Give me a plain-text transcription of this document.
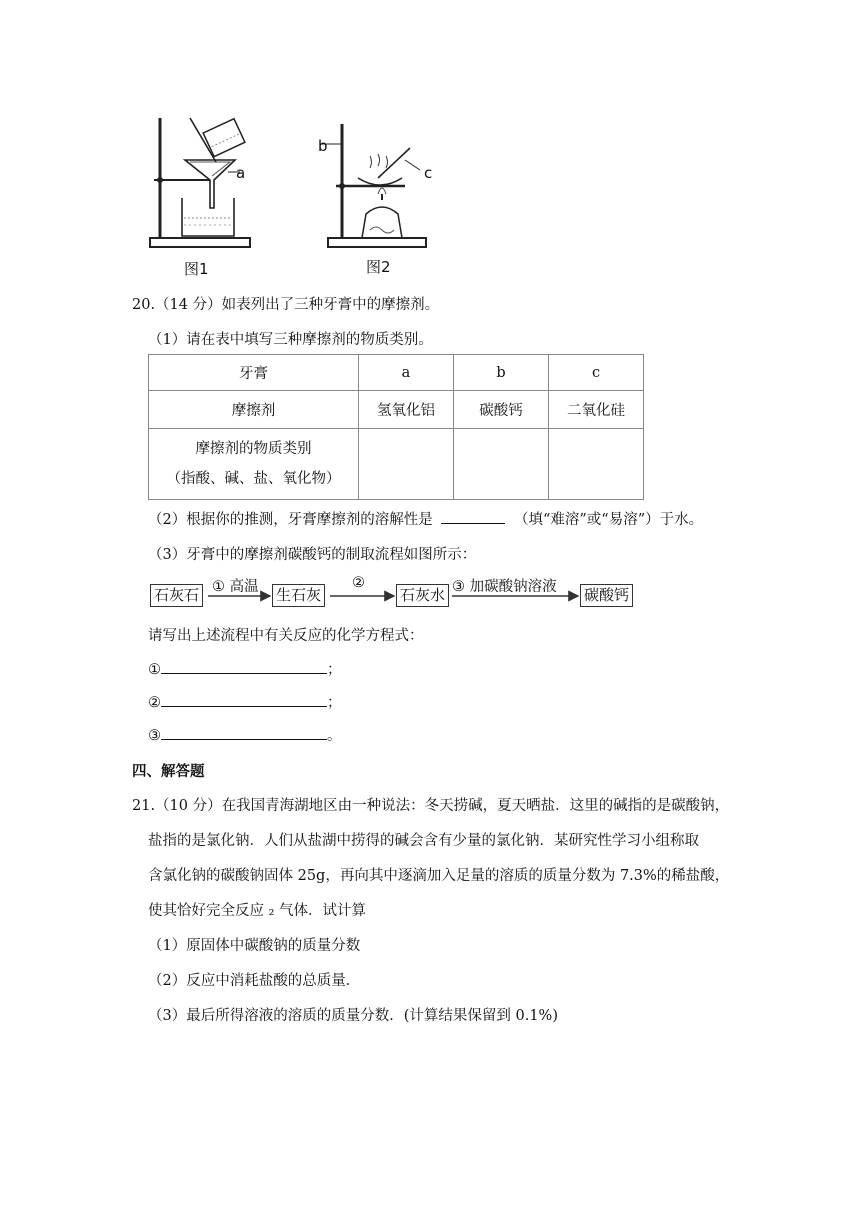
a
图1
b
c
图2
20.（14 分）如表列出了三种牙膏中的摩擦剂。
（1）请在表中填写三种摩擦剂的物质类别。
牙膏	a	b	c
摩擦剂	氢氧化铝	碳酸钙	二氧化硅

摩擦剂的物质类别
（指酸、碱、盐、氧化物）			

（2）根据你的推测，牙膏摩擦剂的溶解性是	（填“难溶”或“易溶”）于水。
（3）牙膏中的摩擦剂碳酸钙的制取流程如图所示：
石灰石	生石灰	石灰水	碳酸钙
① 高温	②	③ 加碳酸钠溶液
请写出上述流程中有关反应的化学方程式：
①	；
②	；
③	。
四、解答题
21.（10 分）在我国青海湖地区由一种说法：冬天捞碱，夏天晒盐．这里的碱指的是碳酸钠，
盐指的是氯化钠．人们从盐湖中捞得的碱会含有少量的氯化钠．某研究性学习小组称取
含氯化钠的碳酸钠固体 25g，再向其中逐滴加入足量的溶质的质量分数为 7.3%的稀盐酸，
使其恰好完全反应 ₂ 气体．试计算
（1）原固体中碳酸钠的质量分数
（2）反应中消耗盐酸的总质量．
（3）最后所得溶液的溶质的质量分数．(计算结果保留到 0.1%)
